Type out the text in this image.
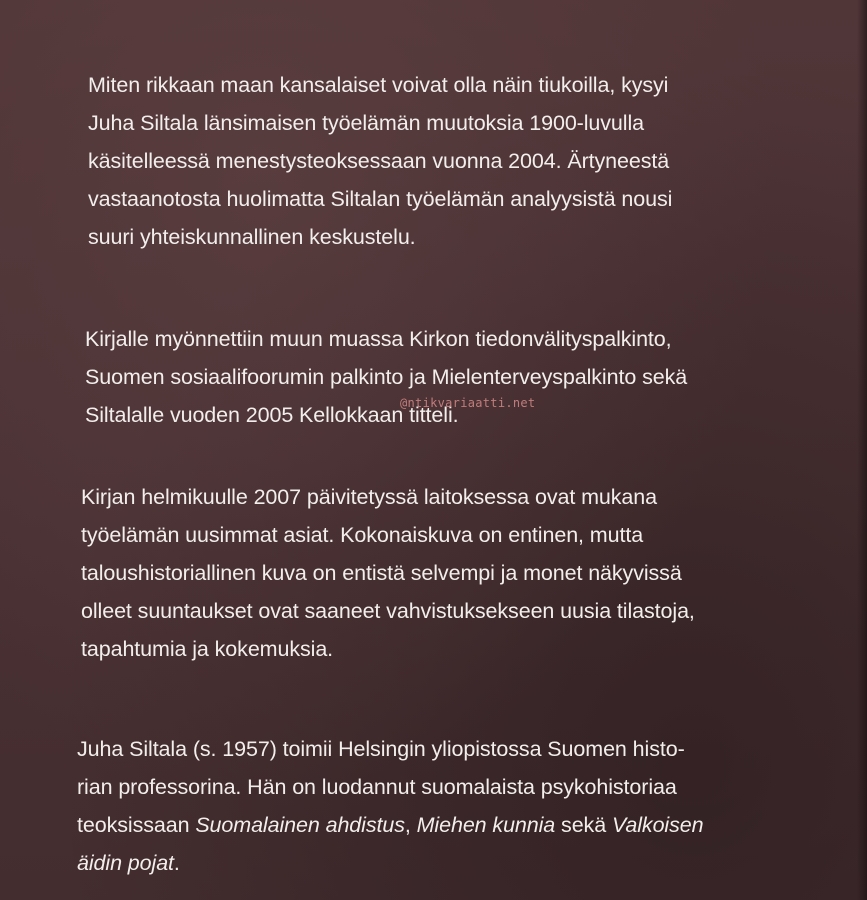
Miten rikkaan maan kansalaiset voivat olla näin tiukoilla, kysyi
Juha Siltala länsimaisen työelämän muutoksia 1900-luvulla
käsitelleessä menestysteoksessaan vuonna 2004. Ärtyneestä
vastaanotosta huolimatta Siltalan työelämän analyysistä nousi
suuri yhteiskunnallinen keskustelu.

Kirjalle myönnettiin muun muassa Kirkon tiedonvälityspalkinto,
Suomen sosiaalifoorumin palkinto ja Mielenterveyspalkinto sekä
Siltalalle vuoden 2005 Kellokkaan titteli.

Kirjan helmikuulle 2007 päivitetyssä laitoksessa ovat mukana
työelämän uusimmat asiat. Kokonaiskuva on entinen, mutta
taloushistoriallinen kuva on entistä selvempi ja monet näkyvissä
olleet suuntaukset ovat saaneet vahvistuksekseen uusia tilastoja,
tapahtumia ja kokemuksia.

Juha Siltala (s. 1957) toimii Helsingin yliopistossa Suomen histo-
rian professorina. Hän on luodannut suomalaista psykohistoriaa
teoksissaan Suomalainen ahdistus, Miehen kunnia sekä Valkoisen
äidin pojat.

@ntikvariaatti.net
